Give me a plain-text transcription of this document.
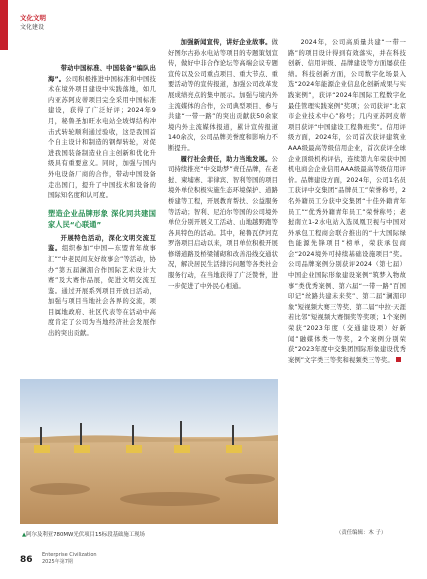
文化文明
文化建设

带动中国标准、中国装备“编队出海”。公司积极推进中国标准和中国技术在境外项目建设中实践落地，如几内亚苏阿皮蒂项目完全采用中国标准建设，获得了广泛好评；2024年9月，秘鲁圣加旺水电站全坡焊结构冲击式转轮顺利通过验收，这是我国首个自主设计和制造的钢焊转轮，对促进我国装备制造业自主创新和优化升级具有重要意义。同时，加强与国内外电设备厂商的合作，带动中国设备走出国门，提升了中国技术和设备的国际知名度和认可度。

塑造企业品牌形象 深化同共建国家人民“心联通”

开展特色活动，深化文明交流互鉴。组织参加“中国—东盟青年故事汇”“中老民间友好故事会”等活动，协办“第五届澜湄合作国际艺术设计大赛”及大赛作品展，促进文明交流互鉴。通过开展系列项目开放日活动，加强与项目当地社会各界的交流，项目属地政府、社区代表等在活动中高度肯定了公司为当地经济社会发展作出的突出贡献。

加强新闻宣传，讲好企业故事。做好图尔古孙水电站等项目的专题策划宣传，做好中非合作论坛等高端会议专题宣传以及公司重点项目、重大节点、重要活动等的宣传报道，加强公司改革发展成绩亮点的集中展示。加强与境内外主流媒体的合作，公司典型项目、参与共建“一带一路”的突出贡献获50余家境内外主流媒体报道，累计宣传报道140余次，公司品牌美誉度和影响力不断提升。

履行社会责任，助力当地发展。公司持续推亮“中交助梦”责任品牌，在老挝、柬埔寨、菲律宾、智利等国的项目境外单位积极实施生态环境保护、道路桥建等工程，开展教育帮扶、公益服务等活动；智利、尼泊尔等国的公司境外单位分别开展义工活动、山地越野跑等各具特色的活动。其中，秘鲁瓦伊河克罗洛项目启动以来，项目单位积极开展修缮道路及桥梁铺砌和改善沿线交通状况，解决居民生活排污问题等各类社会服务行动，在当地获得了广泛赞誉，进一步促进了中外民心相通。

2024年，公司高质量共建“一带一路”的项目设计得到有效落实，并在科技创新、信用评级、品牌建设等方面屡获佳绩。科技创新方面，公司数字化场景入选“2024年能源企业信息化创新成果与实践案例”，获评“2024年国际工程数字化最佳管理实践案例”奖项；公司获评“北京市企业技术中心”称号；几内亚苏阿皮蒂项目获评“中国建设工程鲁班奖”。信用评级方面，2024年，公司首次获评建筑业AAA级最高等级信用企业，首次获评全球企业顶级机构评估，连续第九年荣获中国机电商会企业信用AAA级最高等级信用评价。品牌建设方面，2024年，公司1名员工获评中交集团“品牌员工”荣誉称号，2名外籍员工分获中交集团“十佳外籍青年员工”“优秀外籍青年员工”荣誉称号；老挝南立1-2水电站入选凤凰卫视与中国对外承包工程商会联合推出的“十大国际绿色能源先锋项目”榜单，荣获承包商会“2024境外可持续基础设施项目”奖。公司品牌案例分别获评2024（第七届）中国企业国际形象建设案例“筑梦入物故事”类优秀案例、第六届“一带一路”百国印记“丝路共建未来奖”、第二届“澜湄印象”短视频大赛三等奖、第二届“中拉·天涯若比邻”短视频大赛铜奖等奖项；1个案例荣获“2023年度（交通建设项）好新闻”融媒体类一等奖，2个案例分别荣获“2023年度中交集团国际形象建设优秀案例”文字类三等奖和视频类三等奖。

▲阿尔及利亚780MW光伏项目15标段基础施工现场	（责任编辑：木 子）
86 Enterprise Civilization
2025年第7期
